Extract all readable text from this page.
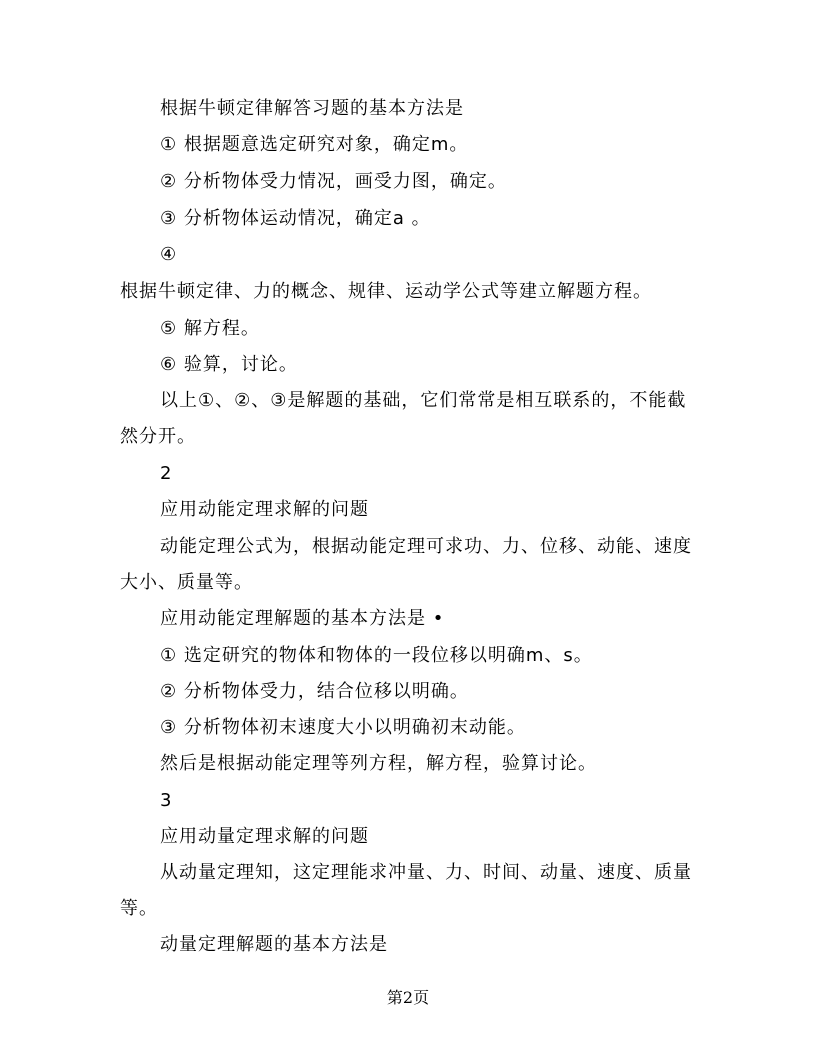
根据牛顿定律解答习题的基本方法是
① 根据题意选定研究对象，确定m。
② 分析物体受力情况，画受力图，确定。
③ 分析物体运动情况，确定a 。
④
根据牛顿定律、力的概念、规律、运动学公式等建立解题方程。
⑤ 解方程。
⑥ 验算，讨论。
以上①、②、③是解题的基础，它们常常是相互联系的，不能截
然分开。
2
应用动能定理求解的问题
动能定理公式为，根据动能定理可求功、力、位移、动能、速度
大小、质量等。
应用动能定理解题的基本方法是 •
① 选定研究的物体和物体的一段位移以明确m、s。
② 分析物体受力，结合位移以明确。
③ 分析物体初末速度大小以明确初末动能。
然后是根据动能定理等列方程，解方程，验算讨论。
3
应用动量定理求解的问题
从动量定理知，这定理能求冲量、力、时间、动量、速度、质量
等。
动量定理解题的基本方法是
第2页
